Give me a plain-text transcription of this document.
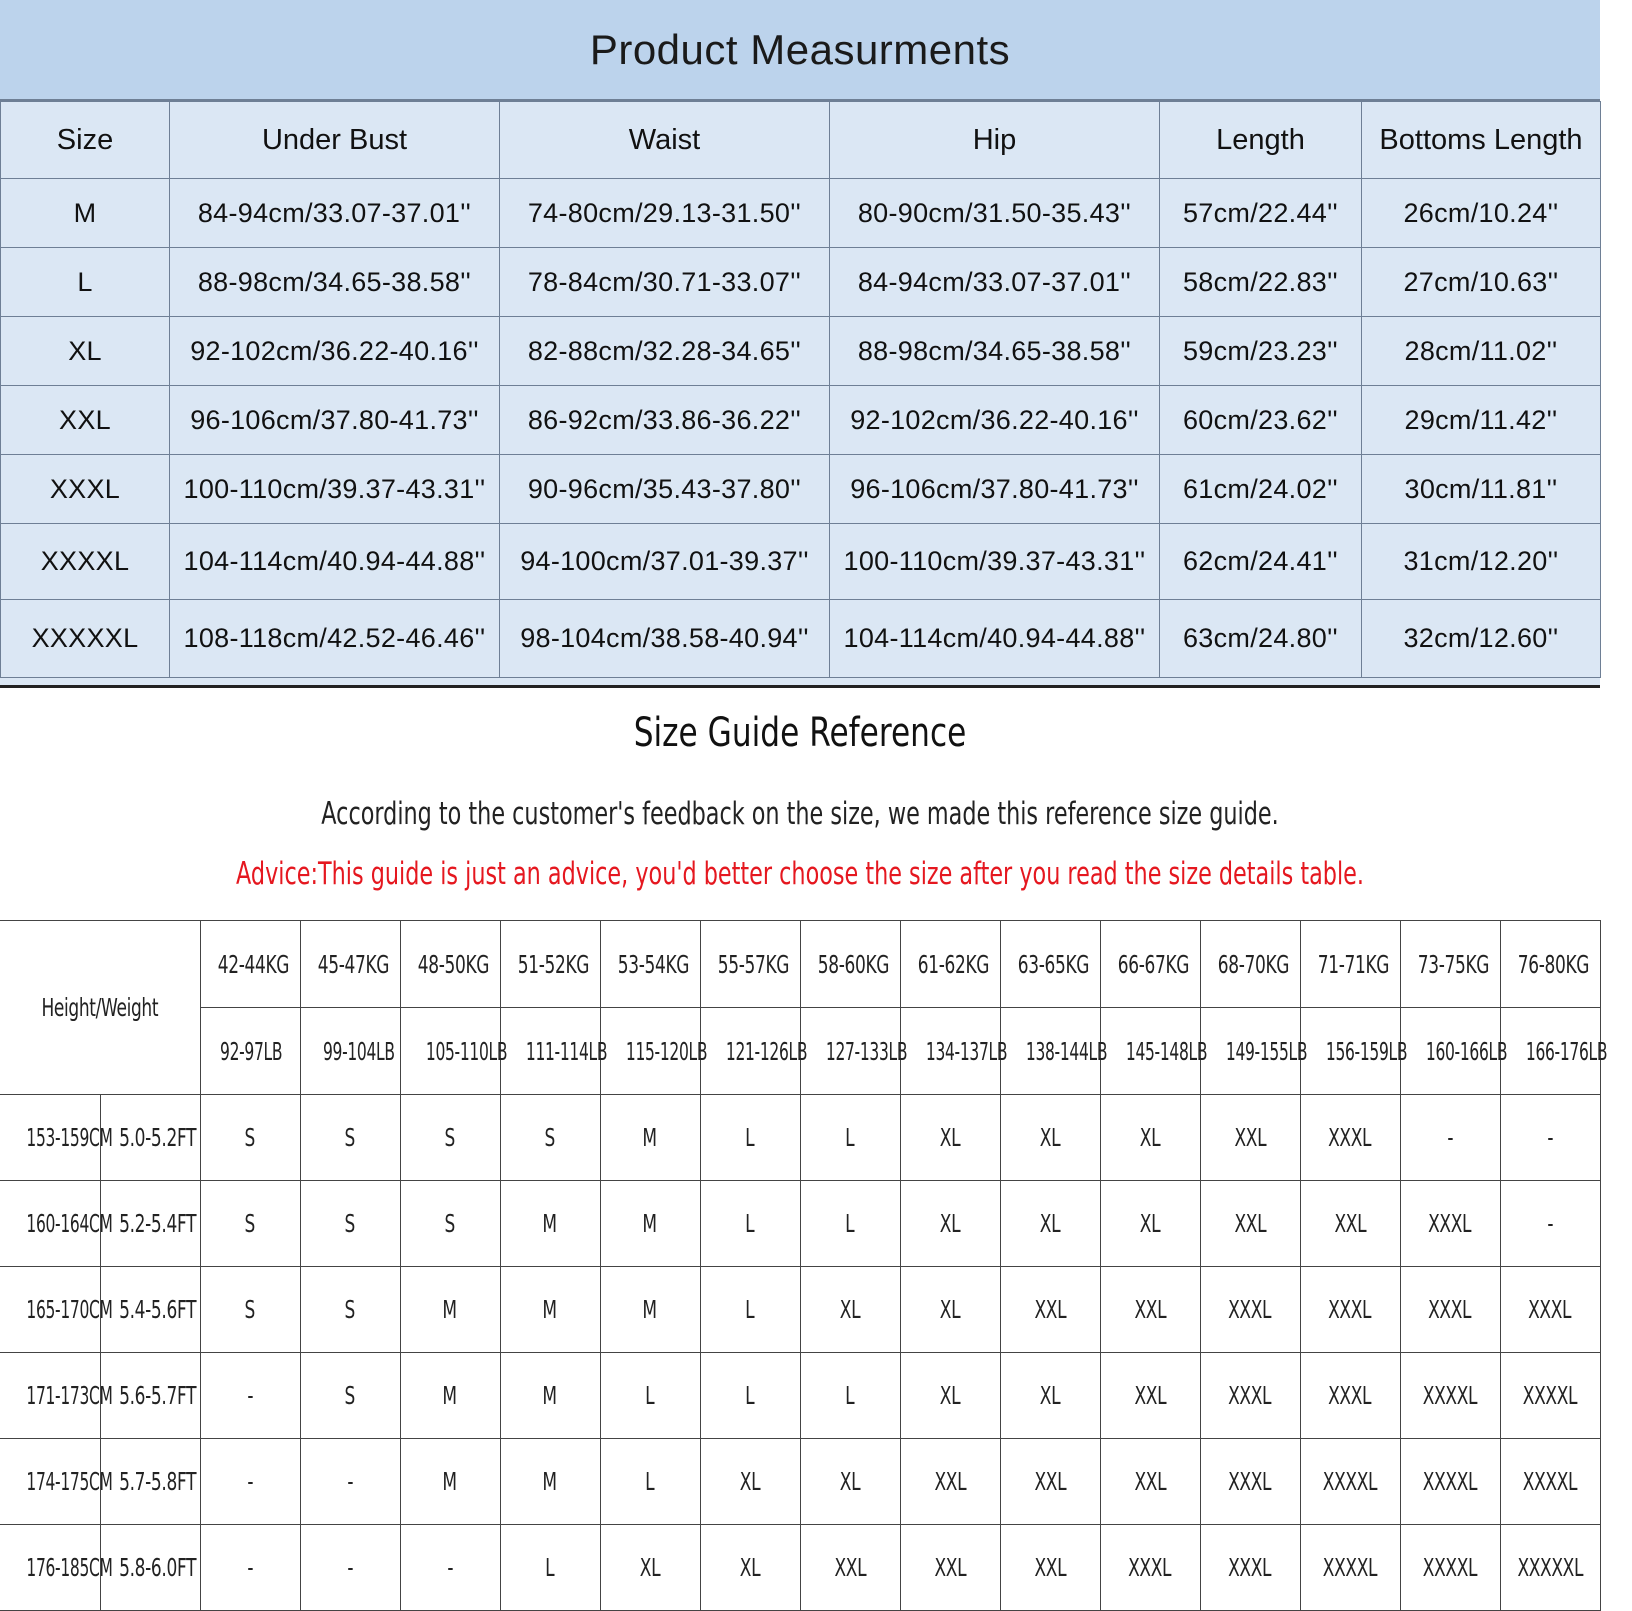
Product Measurments
Size	Under Bust	Waist	Hip	Length	Bottoms Length
M	84-94cm/33.07-37.01''	74-80cm/29.13-31.50''	80-90cm/31.50-35.43''	57cm/22.44''	26cm/10.24''
L	88-98cm/34.65-38.58''	78-84cm/30.71-33.07''	84-94cm/33.07-37.01''	58cm/22.83''	27cm/10.63''
XL	92-102cm/36.22-40.16''	82-88cm/32.28-34.65''	88-98cm/34.65-38.58''	59cm/23.23''	28cm/11.02''
XXL	96-106cm/37.80-41.73''	86-92cm/33.86-36.22''	92-102cm/36.22-40.16''	60cm/23.62''	29cm/11.42''
XXXL	100-110cm/39.37-43.31''	90-96cm/35.43-37.80''	96-106cm/37.80-41.73''	61cm/24.02''	30cm/11.81''
XXXXL	104-114cm/40.94-44.88''	94-100cm/37.01-39.37''	100-110cm/39.37-43.31''	62cm/24.41''	31cm/12.20''
XXXXXL	108-118cm/42.52-46.46''	98-104cm/38.58-40.94''	104-114cm/40.94-44.88''	63cm/24.80''	32cm/12.60''
Size Guide Reference
According to the customer's feedback on the size, we made this reference size guide.
Advice:This guide is just an advice, you'd better choose the size after you read the size details table.
Height/Weight		42-44KG	45-47KG	48-50KG	51-52KG	53-54KG	55-57KG	58-60KG	61-62KG	63-65KG	66-67KG	68-70KG	71-71KG	73-75KG	76-80KG
		92-97LB	99-104LB	105-110LB	111-114LB	115-120LB	121-126LB	127-133LB	134-137LB	138-144LB	145-148LB	149-155LB	156-159LB	160-166LB	166-176LB
153-159CM	5.0-5.2FT	S	S	S	S	M	L	L	XL	XL	XL	XXL	XXXL	-	-
160-164CM	5.2-5.4FT	S	S	S	M	M	L	L	XL	XL	XL	XXL	XXL	XXXL	-
165-170CM	5.4-5.6FT	S	S	M	M	M	L	XL	XL	XXL	XXL	XXXL	XXXL	XXXL	XXXL
171-173CM	5.6-5.7FT	-	S	M	M	L	L	L	XL	XL	XXL	XXXL	XXXL	XXXXL	XXXXL
174-175CM	5.7-5.8FT	-	-	M	M	L	XL	XL	XXL	XXL	XXL	XXXL	XXXXL	XXXXL	XXXXL
176-185CM	5.8-6.0FT	-	-	-	L	XL	XL	XXL	XXL	XXL	XXXL	XXXL	XXXXL	XXXXL	XXXXXL
